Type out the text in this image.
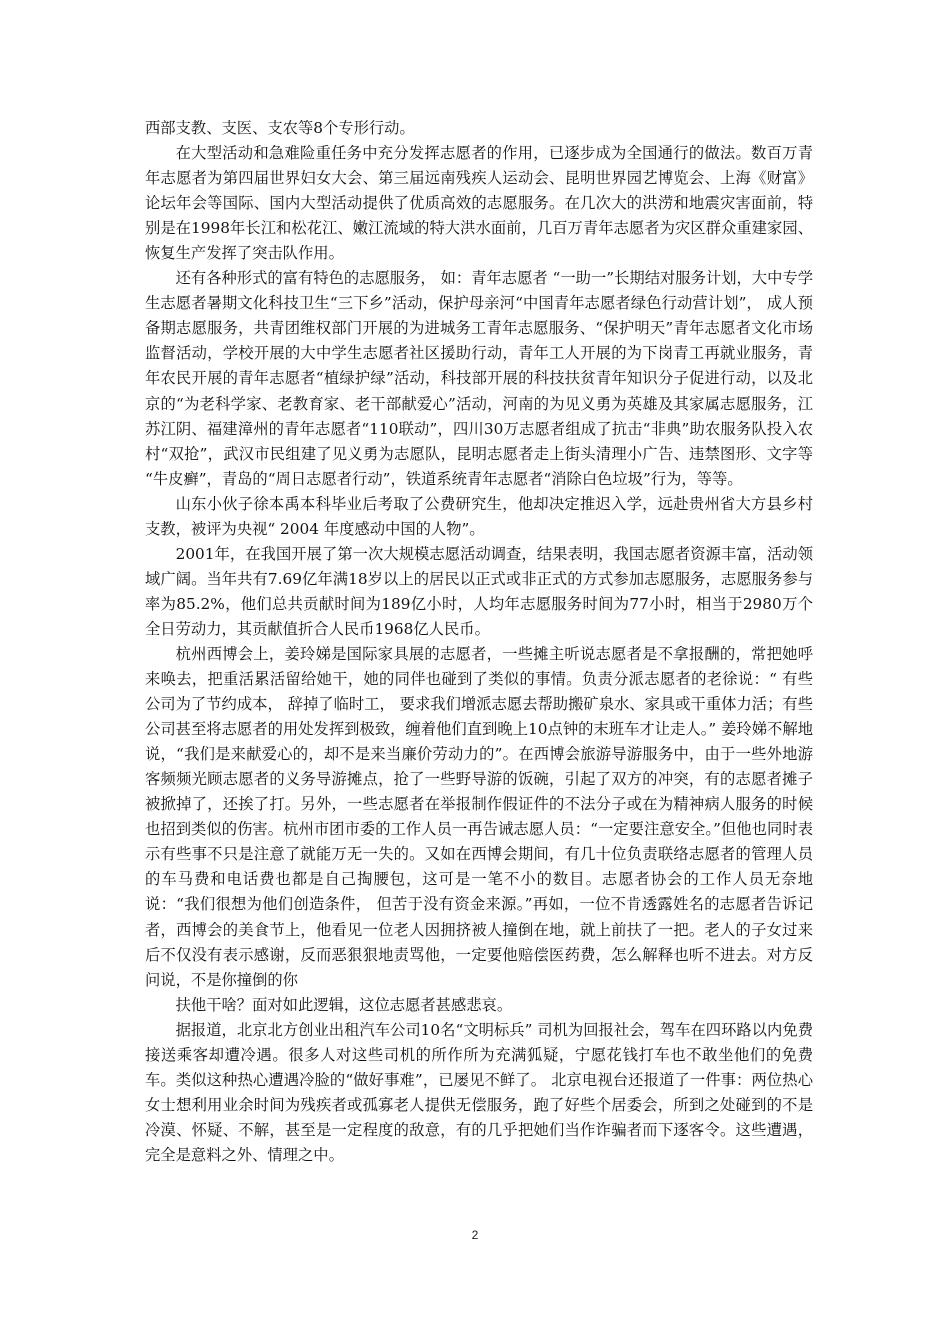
西部支教、支医、支农等8个专形行动。

在大型活动和急难险重任务中充分发挥志愿者的作用，已逐步成为全国通行的做法。数百万青年志愿者为第四届世界妇女大会、第三届远南残疾人运动会、昆明世界园艺博览会、上海《财富》论坛年会等国际、国内大型活动提供了优质高效的志愿服务。在几次大的洪涝和地震灾害面前，特别是在1998年长江和松花江、嫩江流域的特大洪水面前，几百万青年志愿者为灾区群众重建家园、恢复生产发挥了突击队作用。

还有各种形式的富有特色的志愿服务， 如：青年志愿者 “一助一”长期结对服务计划，大中专学生志愿者暑期文化科技卫生“三下乡”活动，保护母亲河“中国青年志愿者绿色行动营计划”， 成人预备期志愿服务，共青团维权部门开展的为进城务工青年志愿服务、“保护明天”青年志愿者文化市场监督活动，学校开展的大中学生志愿者社区援助行动，青年工人开展的为下岗青工再就业服务，青年农民开展的青年志愿者“植绿护绿”活动，科技部开展的科技扶贫青年知识分子促进行动，以及北京的“为老科学家、老教育家、老干部献爱心”活动，河南的为见义勇为英雄及其家属志愿服务，江苏江阴、福建漳州的青年志愿者“110联动”，四川30万志愿者组成了抗击“非典”助农服务队投入农村“双抢”，武汉市民组建了见义勇为志愿队，昆明志愿者走上街头清理小广告、违禁图形、文字等 “牛皮癣”，青岛的“周日志愿者行动”，铁道系统青年志愿者“消除白色垃圾”行为，等等。

山东小伙子徐本禹本科毕业后考取了公费研究生，他却决定推迟入学，远赴贵州省大方县乡村支教，被评为央视“ 2004 年度感动中国的人物”。

2001年，在我国开展了第一次大规模志愿活动调查，结果表明，我国志愿者资源丰富，活动领域广阔。当年共有7.69亿年满18岁以上的居民以正式或非正式的方式参加志愿服务，志愿服务参与率为85.2%，他们总共贡献时间为189亿小时，人均年志愿服务时间为77小时，相当于2980万个全日劳动力，其贡献值折合人民币1968亿人民币。

杭州西博会上，姜玲娣是国际家具展的志愿者，一些摊主听说志愿者是不拿报酬的，常把她呼来唤去，把重活累活留给她干，她的同伴也碰到了类似的事情。负责分派志愿者的老徐说：“ 有些公司为了节约成本， 辞掉了临时工， 要求我们增派志愿去帮助搬矿泉水、家具或干重体力活；有些公司甚至将志愿者的用处发挥到极致，缠着他们直到晚上10点钟的末班车才让走人。” 姜玲娣不解地说，“我们是来献爱心的，却不是来当廉价劳动力的”。在西博会旅游导游服务中，由于一些外地游客频频光顾志愿者的义务导游摊点，抢了一些野导游的饭碗，引起了双方的冲突，有的志愿者摊子被掀掉了，还挨了打。另外，一些志愿者在举报制作假证件的不法分子或在为精神病人服务的时候也招到类似的伤害。杭州市团市委的工作人员一再告诫志愿人员：“一定要注意安全。”但他也同时表示有些事不只是注意了就能万无一失的。又如在西博会期间，有几十位负责联络志愿者的管理人员的车马费和电话费也都是自己掏腰包，这可是一笔不小的数目。志愿者协会的工作人员无奈地说：“我们很想为他们创造条件， 但苦于没有资金来源。”再如，一位不肯透露姓名的志愿者告诉记者，西博会的美食节上，他看见一位老人因拥挤被人撞倒在地，就上前扶了一把。老人的子女过来后不仅没有表示感谢，反而恶狠狠地责骂他，一定要他赔偿医药费，怎么解释也听不进去。对方反问说，不是你撞倒的你

扶他干啥？面对如此逻辑，这位志愿者甚感悲哀。

据报道，北京北方创业出租汽车公司10名“文明标兵” 司机为回报社会，驾车在四环路以内免费接送乘客却遭冷遇。很多人对这些司机的所作所为充满狐疑，宁愿花钱打车也不敢坐他们的免费车。类似这种热心遭遇冷脸的“做好事难”，已屡见不鲜了。 北京电视台还报道了一件事：两位热心女士想利用业余时间为残疾者或孤寡老人提供无偿服务，跑了好些个居委会，所到之处碰到的不是冷漠、怀疑、不解，甚至是一定程度的敌意，有的几乎把她们当作诈骗者而下逐客令。这些遭遇，完全是意料之外、情理之中。

2
